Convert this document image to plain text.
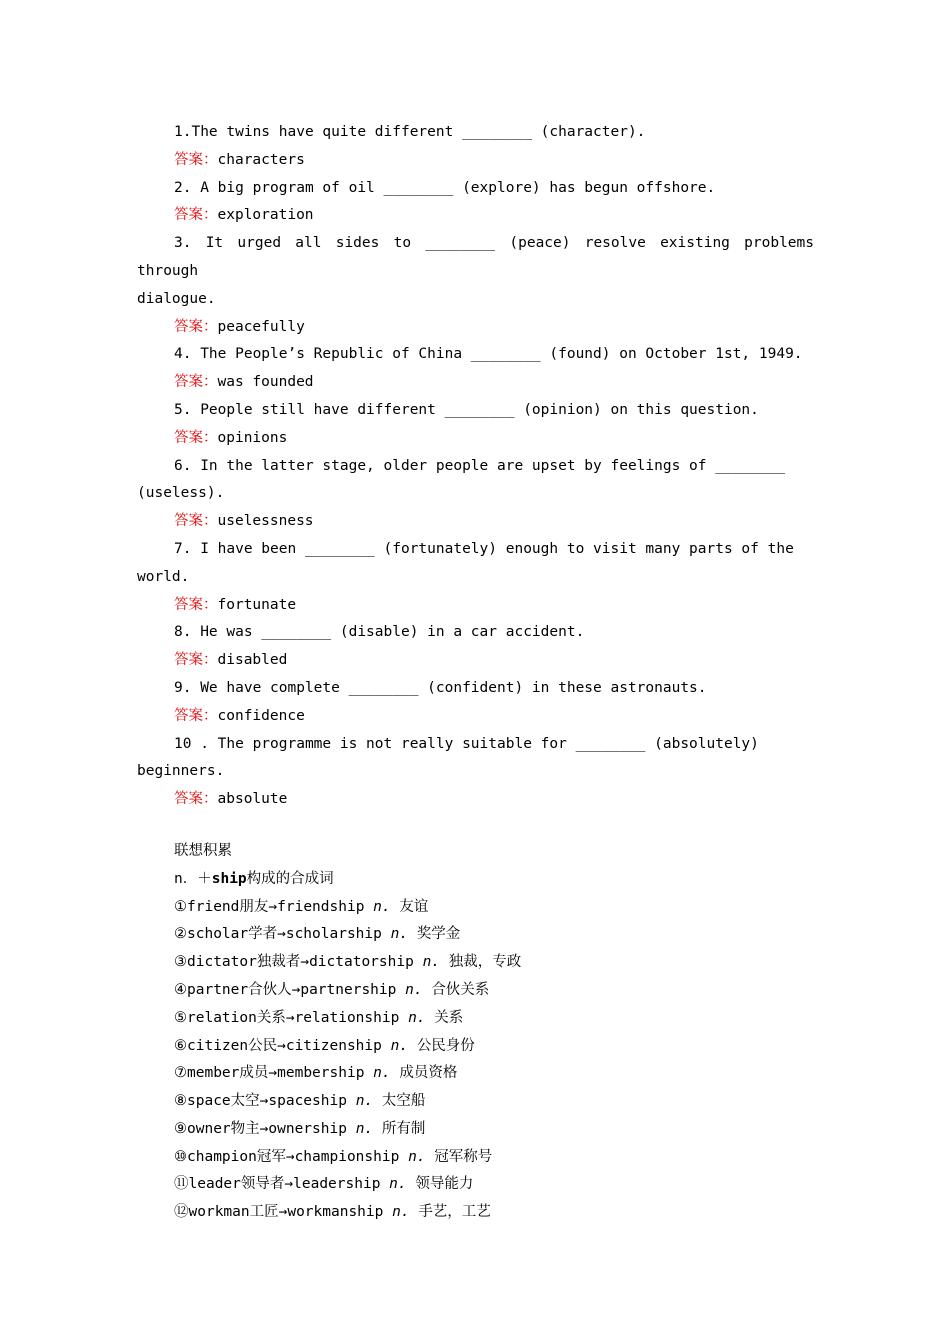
1.The twins have quite different ________ (character).
答案：characters
2. A big program of oil ________ (explore) has begun offshore.
答案：exploration
3. It urged all sides to ________ (peace) resolve existing problems through
dialogue.
答案：peacefully
4. The People’s Republic of China ________ (found) on October 1st, 1949.
答案：was founded
5. People still have different ________ (opinion) on this question.
答案：opinions
6. In the latter stage, older people are upset by feelings of ________
(useless).
答案：uselessness
7. I have been ________ (fortunately) enough to visit many parts of the
world.
答案：fortunate
8. He was ________ (disable) in a car accident.
答案：disabled
9. We have complete ________ (confident) in these astronauts.
答案：confidence
10 . The programme is not really suitable for ________ (absolutely)
beginners.
答案：absolute
联想积累
n．＋ship构成的合成词
①friend朋友→friendship n. 友谊
②scholar学者→scholarship n. 奖学金
③dictator独裁者→dictatorship n. 独裁，专政
④partner合伙人→partnership n. 合伙关系
⑤relation关系→relationship n. 关系
⑥citizen公民→citizenship n. 公民身份
⑦member成员→membership n. 成员资格
⑧space太空→spaceship n. 太空船
⑨owner物主→ownership n. 所有制
⑩champion冠军→championship n. 冠军称号
⑪leader领导者→leadership n. 领导能力
⑫workman工匠→workmanship n. 手艺，工艺
